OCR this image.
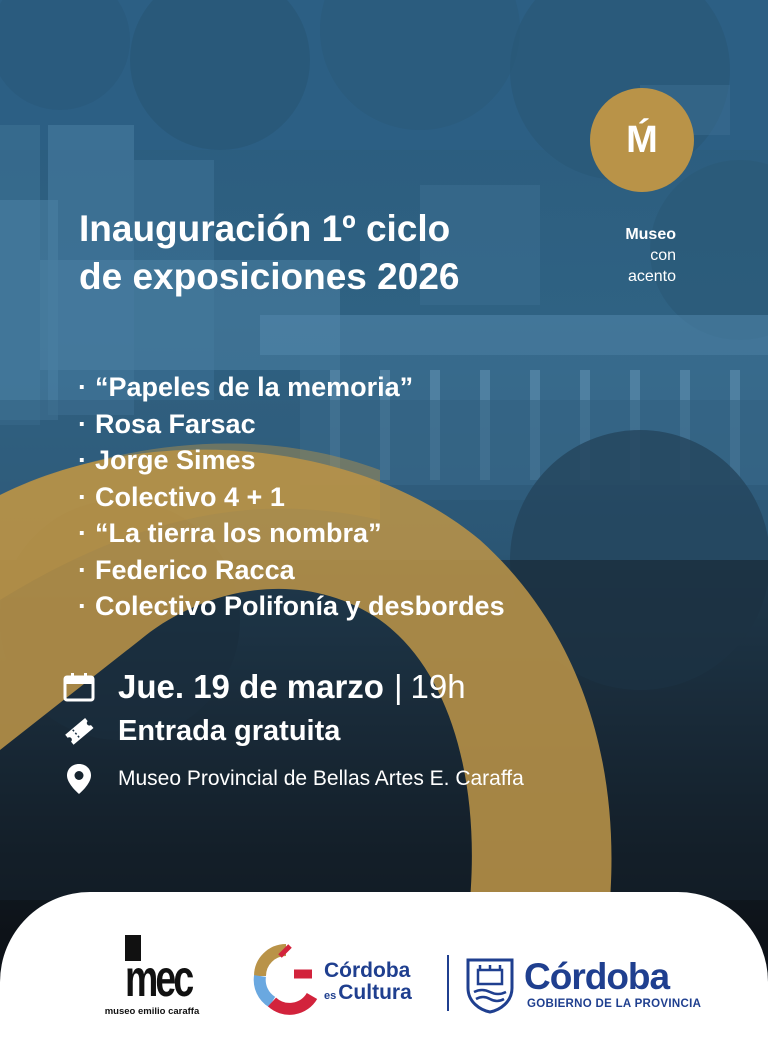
Ḿ
Museo
con
acento
Inauguración 1º ciclo
de exposiciones 2026
· “Papeles de la memoria”
· Rosa Farsac
· Jorge Simes
· Colectivo 4 + 1
· “La tierra los nombra”
· Federico Racca
· Colectivo Polifonía y desbordes
Jue. 19 de marzo | 19h
Entrada gratuita
Museo Provincial de Bellas Artes E. Caraffa
mec
museo emilio caraffa
Córdoba
esCultura	Córdoba
GOBIERNO DE LA PROVINCIA
